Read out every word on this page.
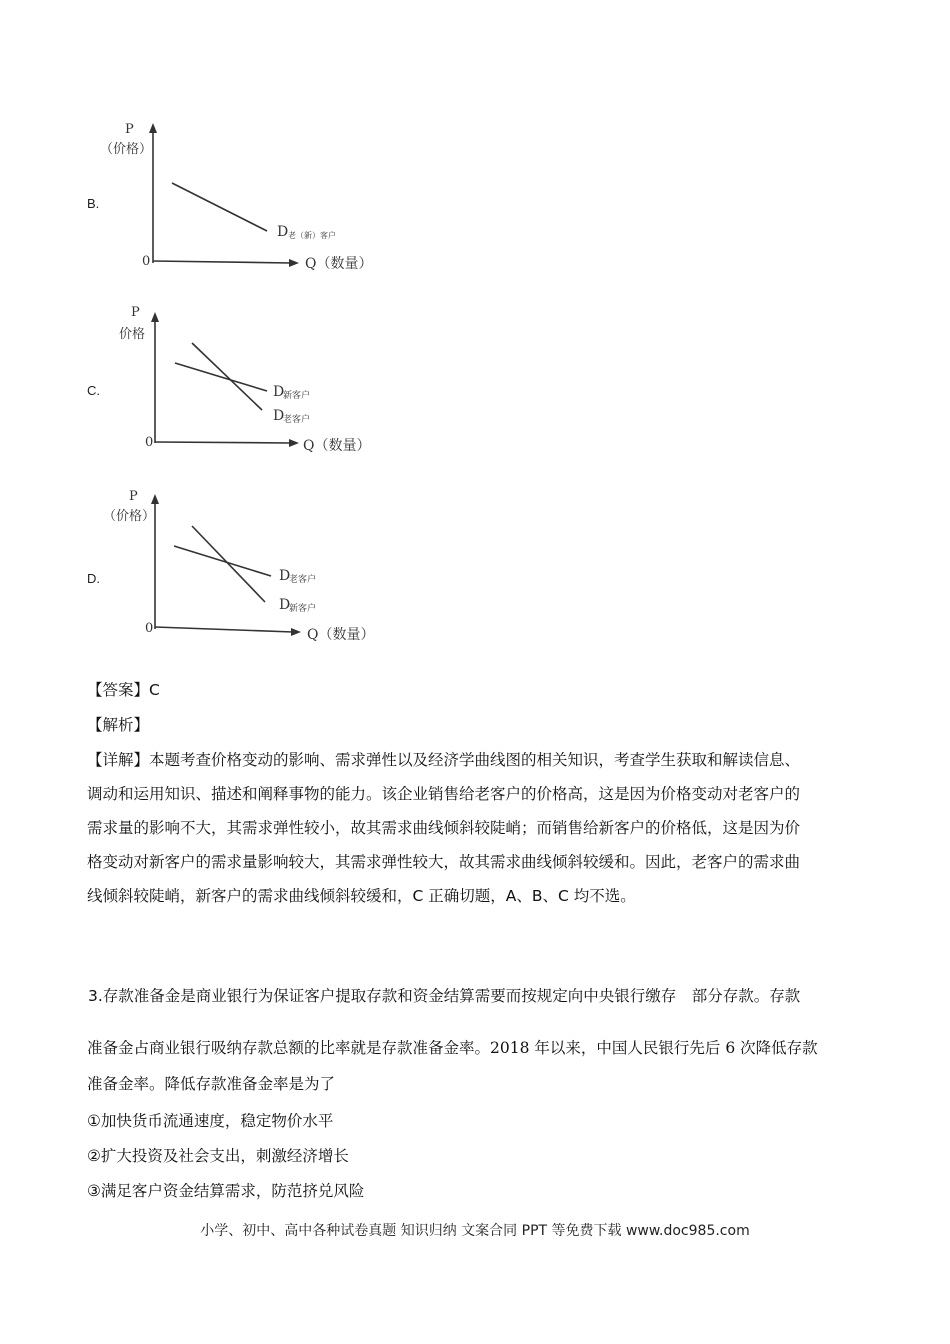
B.
P
（价格）
0	Q（数量）
D 老（新）客户
C.
P
价格
0	Q（数量）
D
新客户
D
老客户
D.
P
（价格）
0	Q（数量）
D
老客户
D
新客户
【答案】C
【解析】

【详解】本题考查价格变动的影响、需求弹性以及经济学曲线图的相关知识，考查学生获取和解读信息、

调动和运用知识、描述和阐释事物的能力。该企业销售给老客户的价格高，这是因为价格变动对老客户的

需求量的影响不大，其需求弹性较小，故其需求曲线倾斜较陡峭；而销售给新客户的价格低，这是因为价

格变动对新客户的需求量影响较大，其需求弹性较大，故其需求曲线倾斜较缓和。因此，老客户的需求曲

线倾斜较陡峭，新客户的需求曲线倾斜较缓和，C 正确切题，A、B、C 均不选。

3.存款准备金是商业银行为保证客户提取存款和资金结算需要而按规定向中央银行缴存　部分存款。存款
准备金占商业银行吸纳存款总额的比率就是存款准备金率。2018 年以来，中国人民银行先后 6 次降低存款
准备金率。降低存款准备金率是为了
①加快货币流通速度，稳定物价水平
②扩大投资及社会支出，刺激经济增长
③满足客户资金结算需求，防范挤兑风险
小学、初中、高中各种试卷真题 知识归纳 文案合同 PPT 等免费下载 www.doc985.com
